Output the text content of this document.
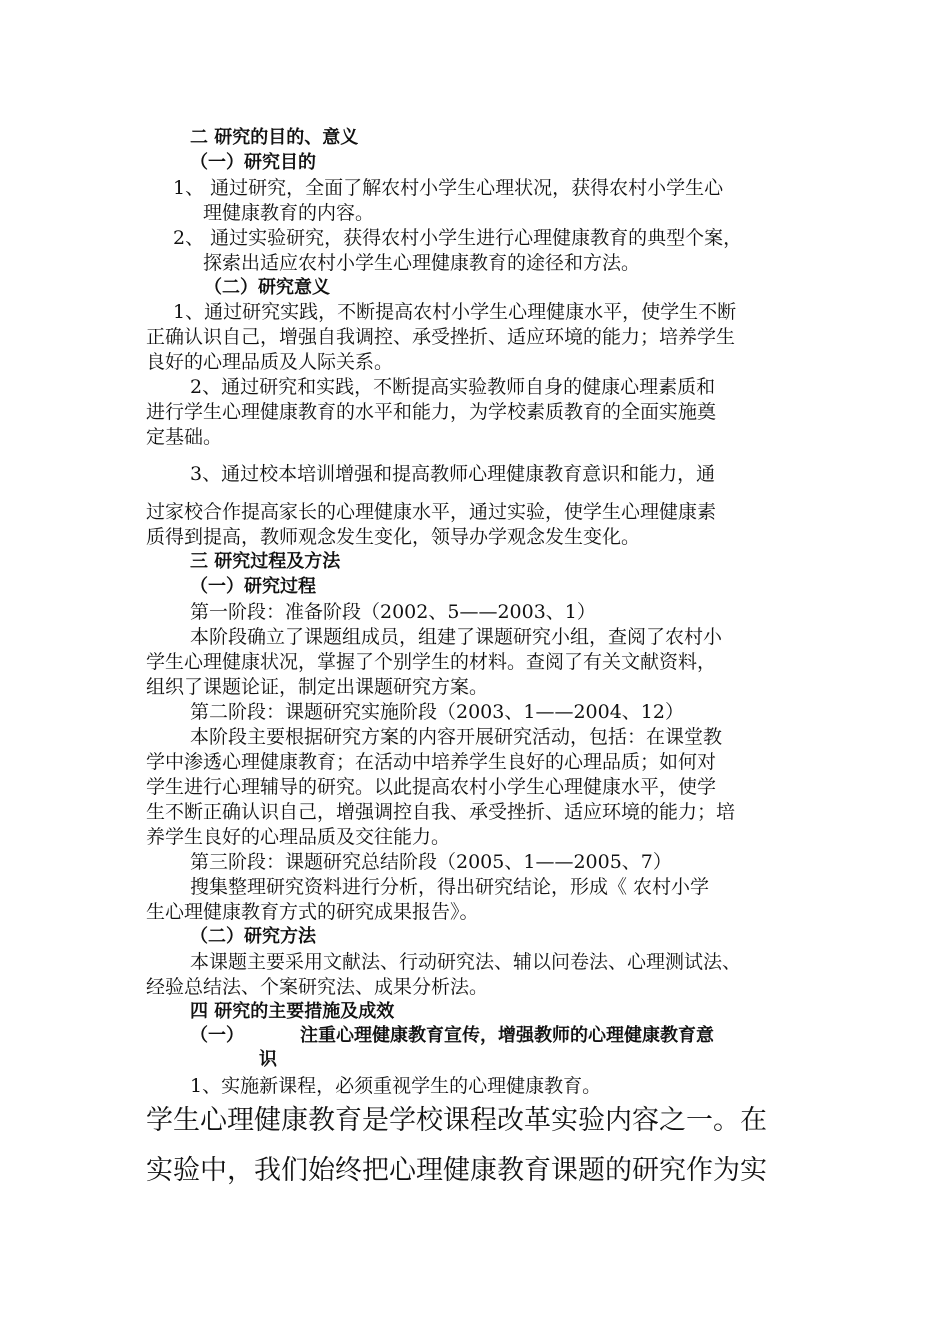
二 研究的目的、意义
（一）研究目的
1、 通过研究，全面了解农村小学生心理状况，获得农村小学生心
理健康教育的内容。
2、 通过实验研究，获得农村小学生进行心理健康教育的典型个案，
探索出适应农村小学生心理健康教育的途径和方法。
（二）研究意义
1、通过研究实践，不断提高农村小学生心理健康水平，使学生不断
正确认识自己，增强自我调控、承受挫折、适应环境的能力；培养学生
良好的心理品质及人际关系。
2、通过研究和实践，不断提高实验教师自身的健康心理素质和
进行学生心理健康教育的水平和能力，为学校素质教育的全面实施奠
定基础。
3、通过校本培训增强和提高教师心理健康教育意识和能力，通
过家校合作提高家长的心理健康水平，通过实验，使学生心理健康素
质得到提高，教师观念发生变化，领导办学观念发生变化。
三 研究过程及方法
（一）研究过程
第一阶段：准备阶段（2002、5——2003、1）
本阶段确立了课题组成员，组建了课题研究小组，查阅了农村小
学生心理健康状况，掌握了个别学生的材料。查阅了有关文献资料，
组织了课题论证，制定出课题研究方案。
第二阶段：课题研究实施阶段（2003、1——2004、12）
本阶段主要根据研究方案的内容开展研究活动，包括：在课堂教
学中渗透心理健康教育；在活动中培养学生良好的心理品质；如何对
学生进行心理辅导的研究。以此提高农村小学生心理健康水平，使学
生不断正确认识自己，增强调控自我、承受挫折、适应环境的能力；培
养学生良好的心理品质及交往能力。
第三阶段：课题研究总结阶段（2005、1——2005、7）
搜集整理研究资料进行分析，得出研究结论，形成《 农村小学
生心理健康教育方式的研究成果报告》。
（二）研究方法
本课题主要采用文献法、行动研究法、辅以问卷法、心理测试法、
经验总结法、个案研究法、成果分析法。
四 研究的主要措施及成效
（一）	注重心理健康教育宣传，增强教师的心理健康教育意
识
1、实施新课程，必须重视学生的心理健康教育。
学生心理健康教育是学校课程改革实验内容之一。在
实验中，我们始终把心理健康教育课题的研究作为实
